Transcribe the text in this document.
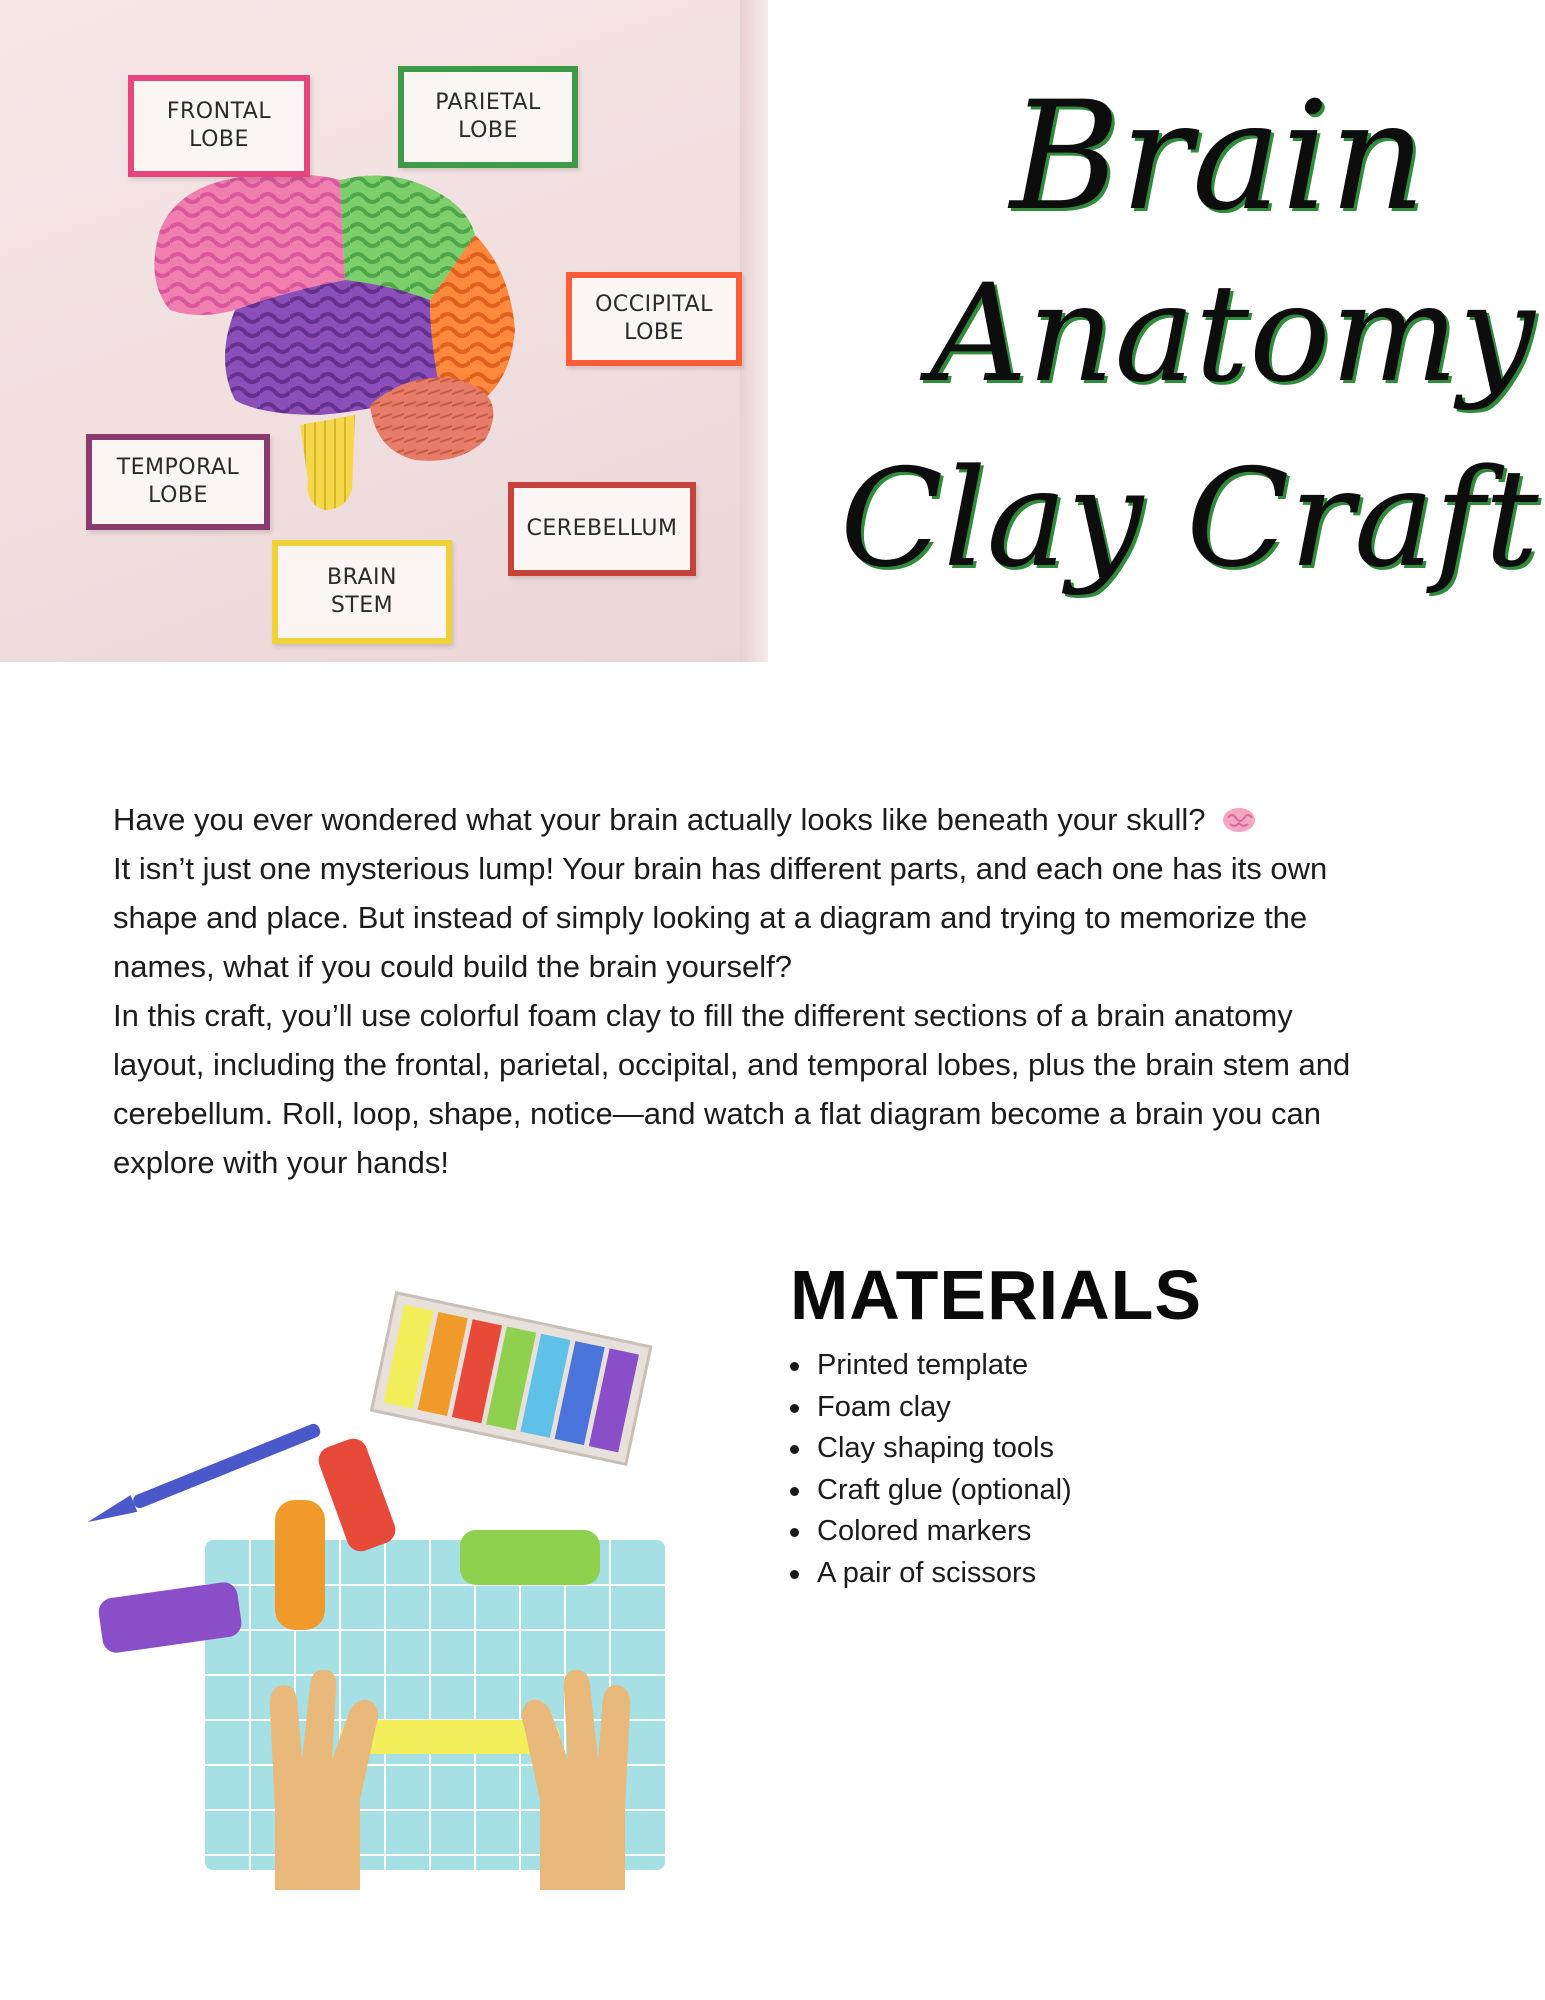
FRONTAL
LOBE
PARIETAL
LOBE
OCCIPITAL
LOBE
TEMPORAL
LOBE
CEREBELLUM
BRAIN
STEM
Brain
Anatomy
Clay Craft

Have you ever wondered what your brain actually looks like beneath your skull?
It isn’t just one mysterious lump! Your brain has different parts, and each one has its own shape and place. But instead of simply looking at a diagram and trying to memorize the names, what if you could build the brain yourself?

In this craft, you’ll use colorful foam clay to fill the different sections of a brain anatomy layout, including the frontal, parietal, occipital, and temporal lobes, plus the brain stem and cerebellum. Roll, loop, shape, notice—and watch a flat diagram become a brain you can explore with your hands!

MATERIALS
Printed template
Foam clay
Clay shaping tools
Craft glue (optional)
Colored markers
A pair of scissors
